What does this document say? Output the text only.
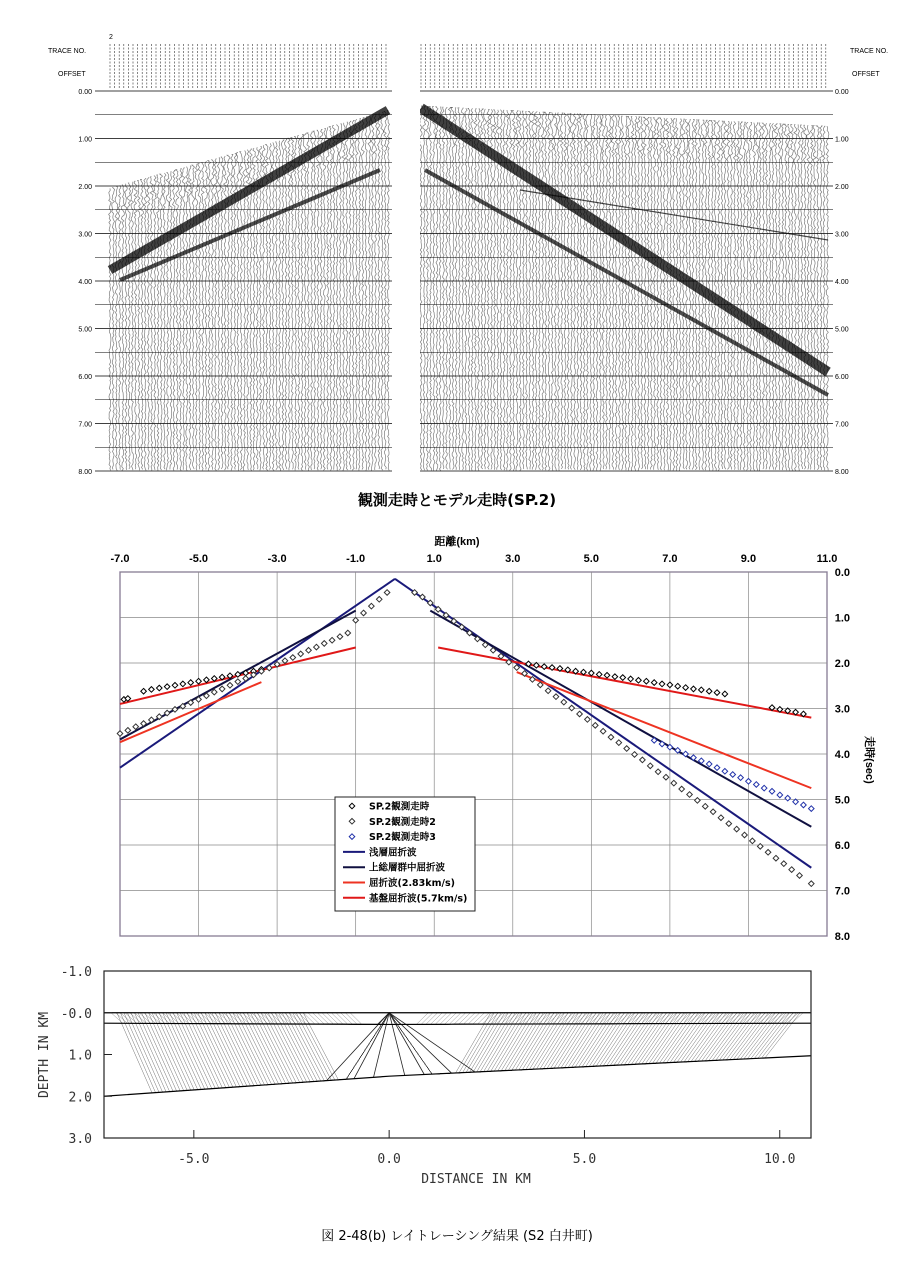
2
TRACE NO.	TRACE NO.
OFFSET	OFFSET
0.00
1.00
2.00
3.00
4.00
5.00
6.00
7.00
8.00
0.00
1.00
2.00
3.00
4.00
5.00
6.00
7.00
8.00
観測走時とモデル走時(SP.2)
距離(km)
-7.0	-5.0	-3.0	-1.0	1.0	3.0	5.0	7.0	9.0	11.0
0.0
1.0
2.0
3.0
4.0
5.0
6.0
7.0
8.0
走時(sec)
SP.2観測走時
SP.2観測走時2
SP.2観測走時3
浅層屈折波
上総層群中屈折波
屈折波(2.83km/s)
基盤屈折波(5.7km/s)
-1.0
-0.0
1.0
2.0
3.0
-5.0	0.0	5.0	10.0
DEPTH IN KM
DISTANCE IN KM
図 2-48(b) レイトレーシング結果 (S2 白井町)
